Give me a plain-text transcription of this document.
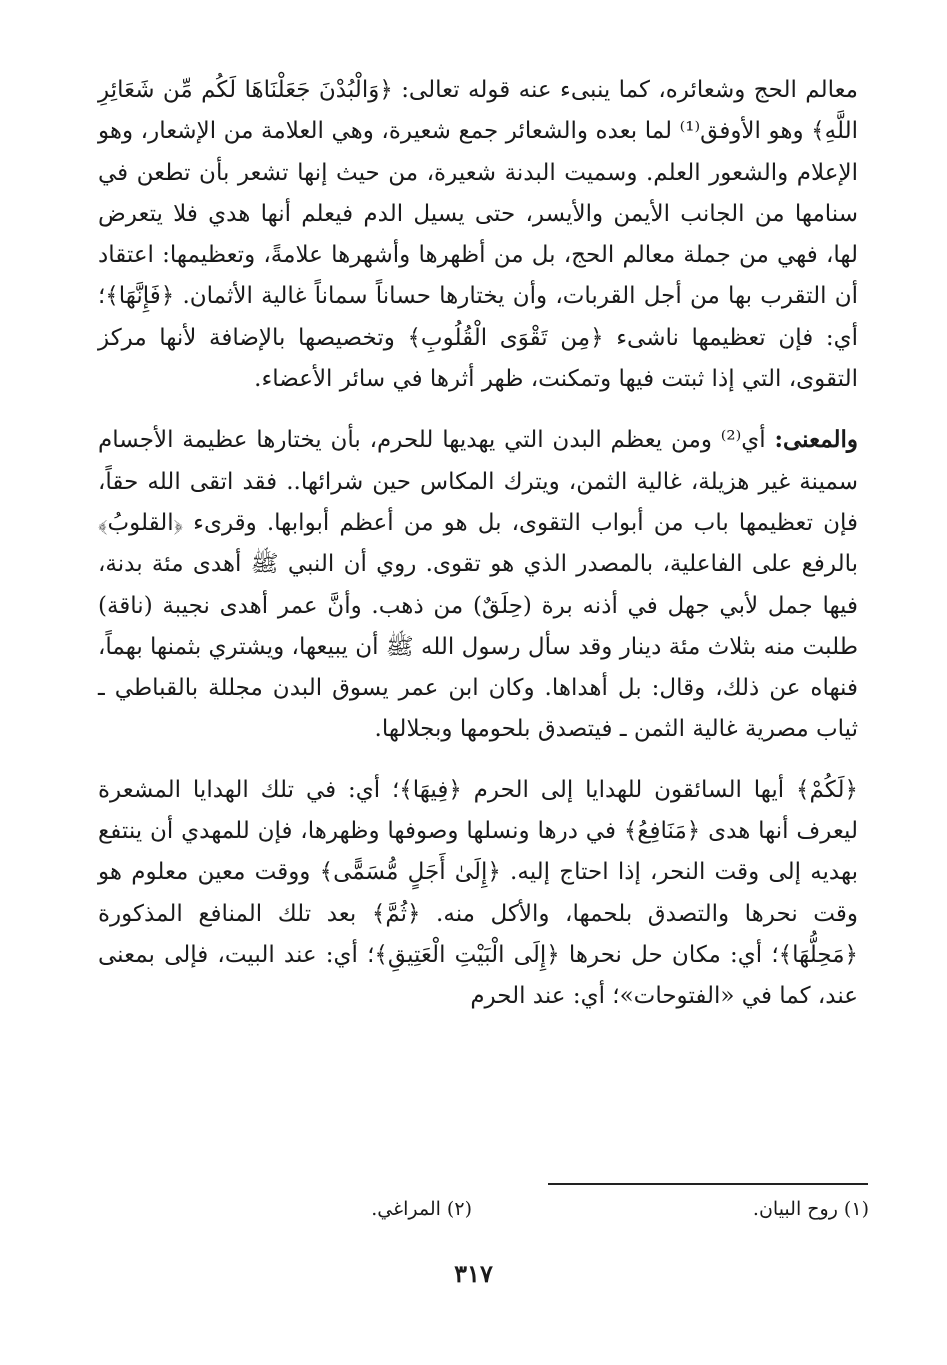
معالم الحج وشعائره، كما ينبىء عنه قوله تعالى: ﴿وَالْبُدْنَ جَعَلْنَاهَا لَكُم مِّن شَعَائِرِ اللَّهِ﴾ وهو الأوفق⁽¹⁾ لما بعده والشعائر جمع شعيرة، وهي العلامة من الإشعار، وهو الإعلام والشعور العلم. وسميت البدنة شعيرة، من حيث إنها تشعر بأن تطعن في سنامها من الجانب الأيمن والأيسر، حتى يسيل الدم فيعلم أنها هدي فلا يتعرض لها، فهي من جملة معالم الحج، بل من أظهرها وأشهرها علامةً، وتعظيمها: اعتقاد أن التقرب بها من أجل القربات، وأن يختارها حساناً سماناً غالية الأثمان. ﴿فَإِنَّهَا﴾؛ أي: فإن تعظيمها ناشىء ﴿مِن تَقْوَى الْقُلُوبِ﴾ وتخصيصها بالإضافة لأنها مركز التقوى، التي إذا ثبتت فيها وتمكنت، ظهر أثرها في سائر الأعضاء.

والمعنى: أي⁽²⁾ ومن يعظم البدن التي يهديها للحرم، بأن يختارها عظيمة الأجسام سمينة غير هزيلة، غالية الثمن، ويترك المكاس حين شرائها.. فقد اتقى الله حقاً، فإن تعظيمها باب من أبواب التقوى، بل هو من أعظم أبوابها. وقرىء ﴿القلوبُ﴾ بالرفع على الفاعلية، بالمصدر الذي هو تقوى. روي أن النبي ﷺ أهدى مئة بدنة، فيها جمل لأبي جهل في أذنه برة (حِلَقٌ) من ذهب. وأنَّ عمر أهدى نجيبة (ناقة) طلبت منه بثلاث مئة دينار وقد سأل رسول الله ﷺ أن يبيعها، ويشتري بثمنها بهماً، فنهاه عن ذلك، وقال: بل أهداها. وكان ابن عمر يسوق البدن مجللة بالقباطي ـ ثياب مصرية غالية الثمن ـ فيتصدق بلحومها وبجلالها.

﴿لَكُمْ﴾ أيها السائقون للهدايا إلى الحرم ﴿فِيهَا﴾؛ أي: في تلك الهدايا المشعرة ليعرف أنها هدى ﴿مَنَافِعُ﴾ في درها ونسلها وصوفها وظهرها، فإن للمهدي أن ينتفع بهديه إلى وقت النحر، إذا احتاج إليه. ﴿إِلَىٰ أَجَلٍ مُّسَمًّى﴾ ووقت معين معلوم هو وقت نحرها والتصدق بلحمها، والأكل منه. ﴿ثُمَّ﴾ بعد تلك المنافع المذكورة ﴿مَحِلُّهَا﴾؛ أي: مكان حل نحرها ﴿إِلَى الْبَيْتِ الْعَتِيقِ﴾؛ أي: عند البيت، فإلى بمعنى عند، كما في «الفتوحات»؛ أي: عند الحرم

(١) روح البيان.
(٢) المراغي.
٣١٧
